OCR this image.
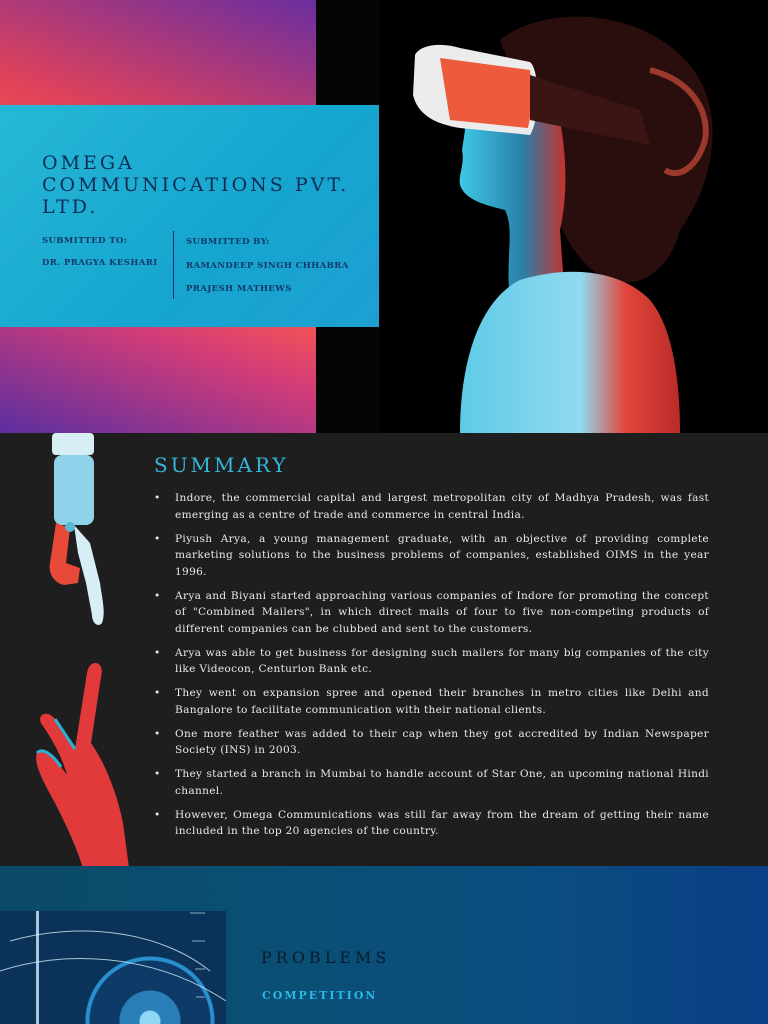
OMEGA COMMUNICATIONS PVT. LTD.
SUBMITTED TO:
DR. PRAGYA KESHARI
SUBMITTED BY:
RAMANDEEP SINGH CHHABRA
PRAJESH MATHEWS
SUMMARY
• Indore, the commercial capital and largest metropolitan city of Madhya Pradesh, was fast emerging as a centre of trade and commerce in central India.
• Piyush Arya, a young management graduate, with an objective of providing complete marketing solutions to the business problems of companies, established OIMS in the year 1996.
• Arya and Biyani started approaching various companies of Indore for promoting the concept of "Combined Mailers", in which direct mails of four to five non-competing products of different companies can be clubbed and sent to the customers.
• Arya was able to get business for designing such mailers for many big companies of the city like Videocon, Centurion Bank etc.
• They went on expansion spree and opened their branches in metro cities like Delhi and Bangalore to facilitate communication with their national clients.
• One more feather was added to their cap when they got accredited by Indian Newspaper Society (INS) in 2003.
• They started a branch in Mumbai to handle account of Star One, an upcoming national Hindi channel.
• However, Omega Communications was still far away from the dream of getting their name included in the top 20 agencies of the country.
PROBLEMS
COMPETITION
